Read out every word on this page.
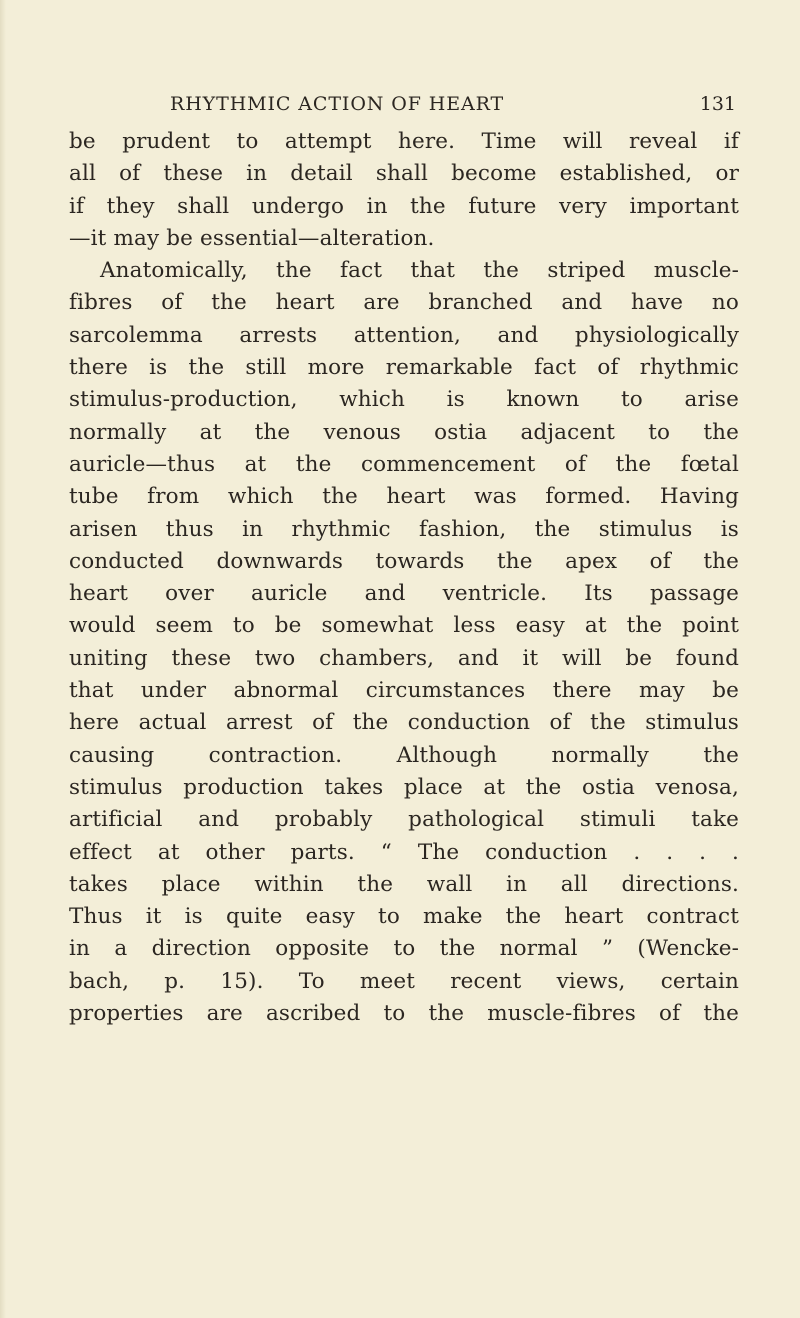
RHYTHMIC ACTION OF HEART	131
be prudent to attempt here. Time will reveal if
all of these in detail shall become established, or
if they shall undergo in the future very important
—it may be essential—alteration.
Anatomically, the fact that the striped muscle-
fibres of the heart are branched and have no
sarcolemma arrests attention, and physiologically
there is the still more remarkable fact of rhythmic
stimulus-production, which is known to arise
normally at the venous ostia adjacent to the
auricle—thus at the commencement of the fœtal
tube from which the heart was formed. Having
arisen thus in rhythmic fashion, the stimulus is
conducted downwards towards the apex of the
heart over auricle and ventricle. Its passage
would seem to be somewhat less easy at the point
uniting these two chambers, and it will be found
that under abnormal circumstances there may be
here actual arrest of the conduction of the stimulus
causing contraction. Although normally the
stimulus production takes place at the ostia venosa,
artificial and probably pathological stimuli take
effect at other parts. “ The conduction . . . .
takes place within the wall in all directions.
Thus it is quite easy to make the heart contract
in a direction opposite to the normal ” (Wencke-
bach, p. 15). To meet recent views, certain
properties are ascribed to the muscle-fibres of the
